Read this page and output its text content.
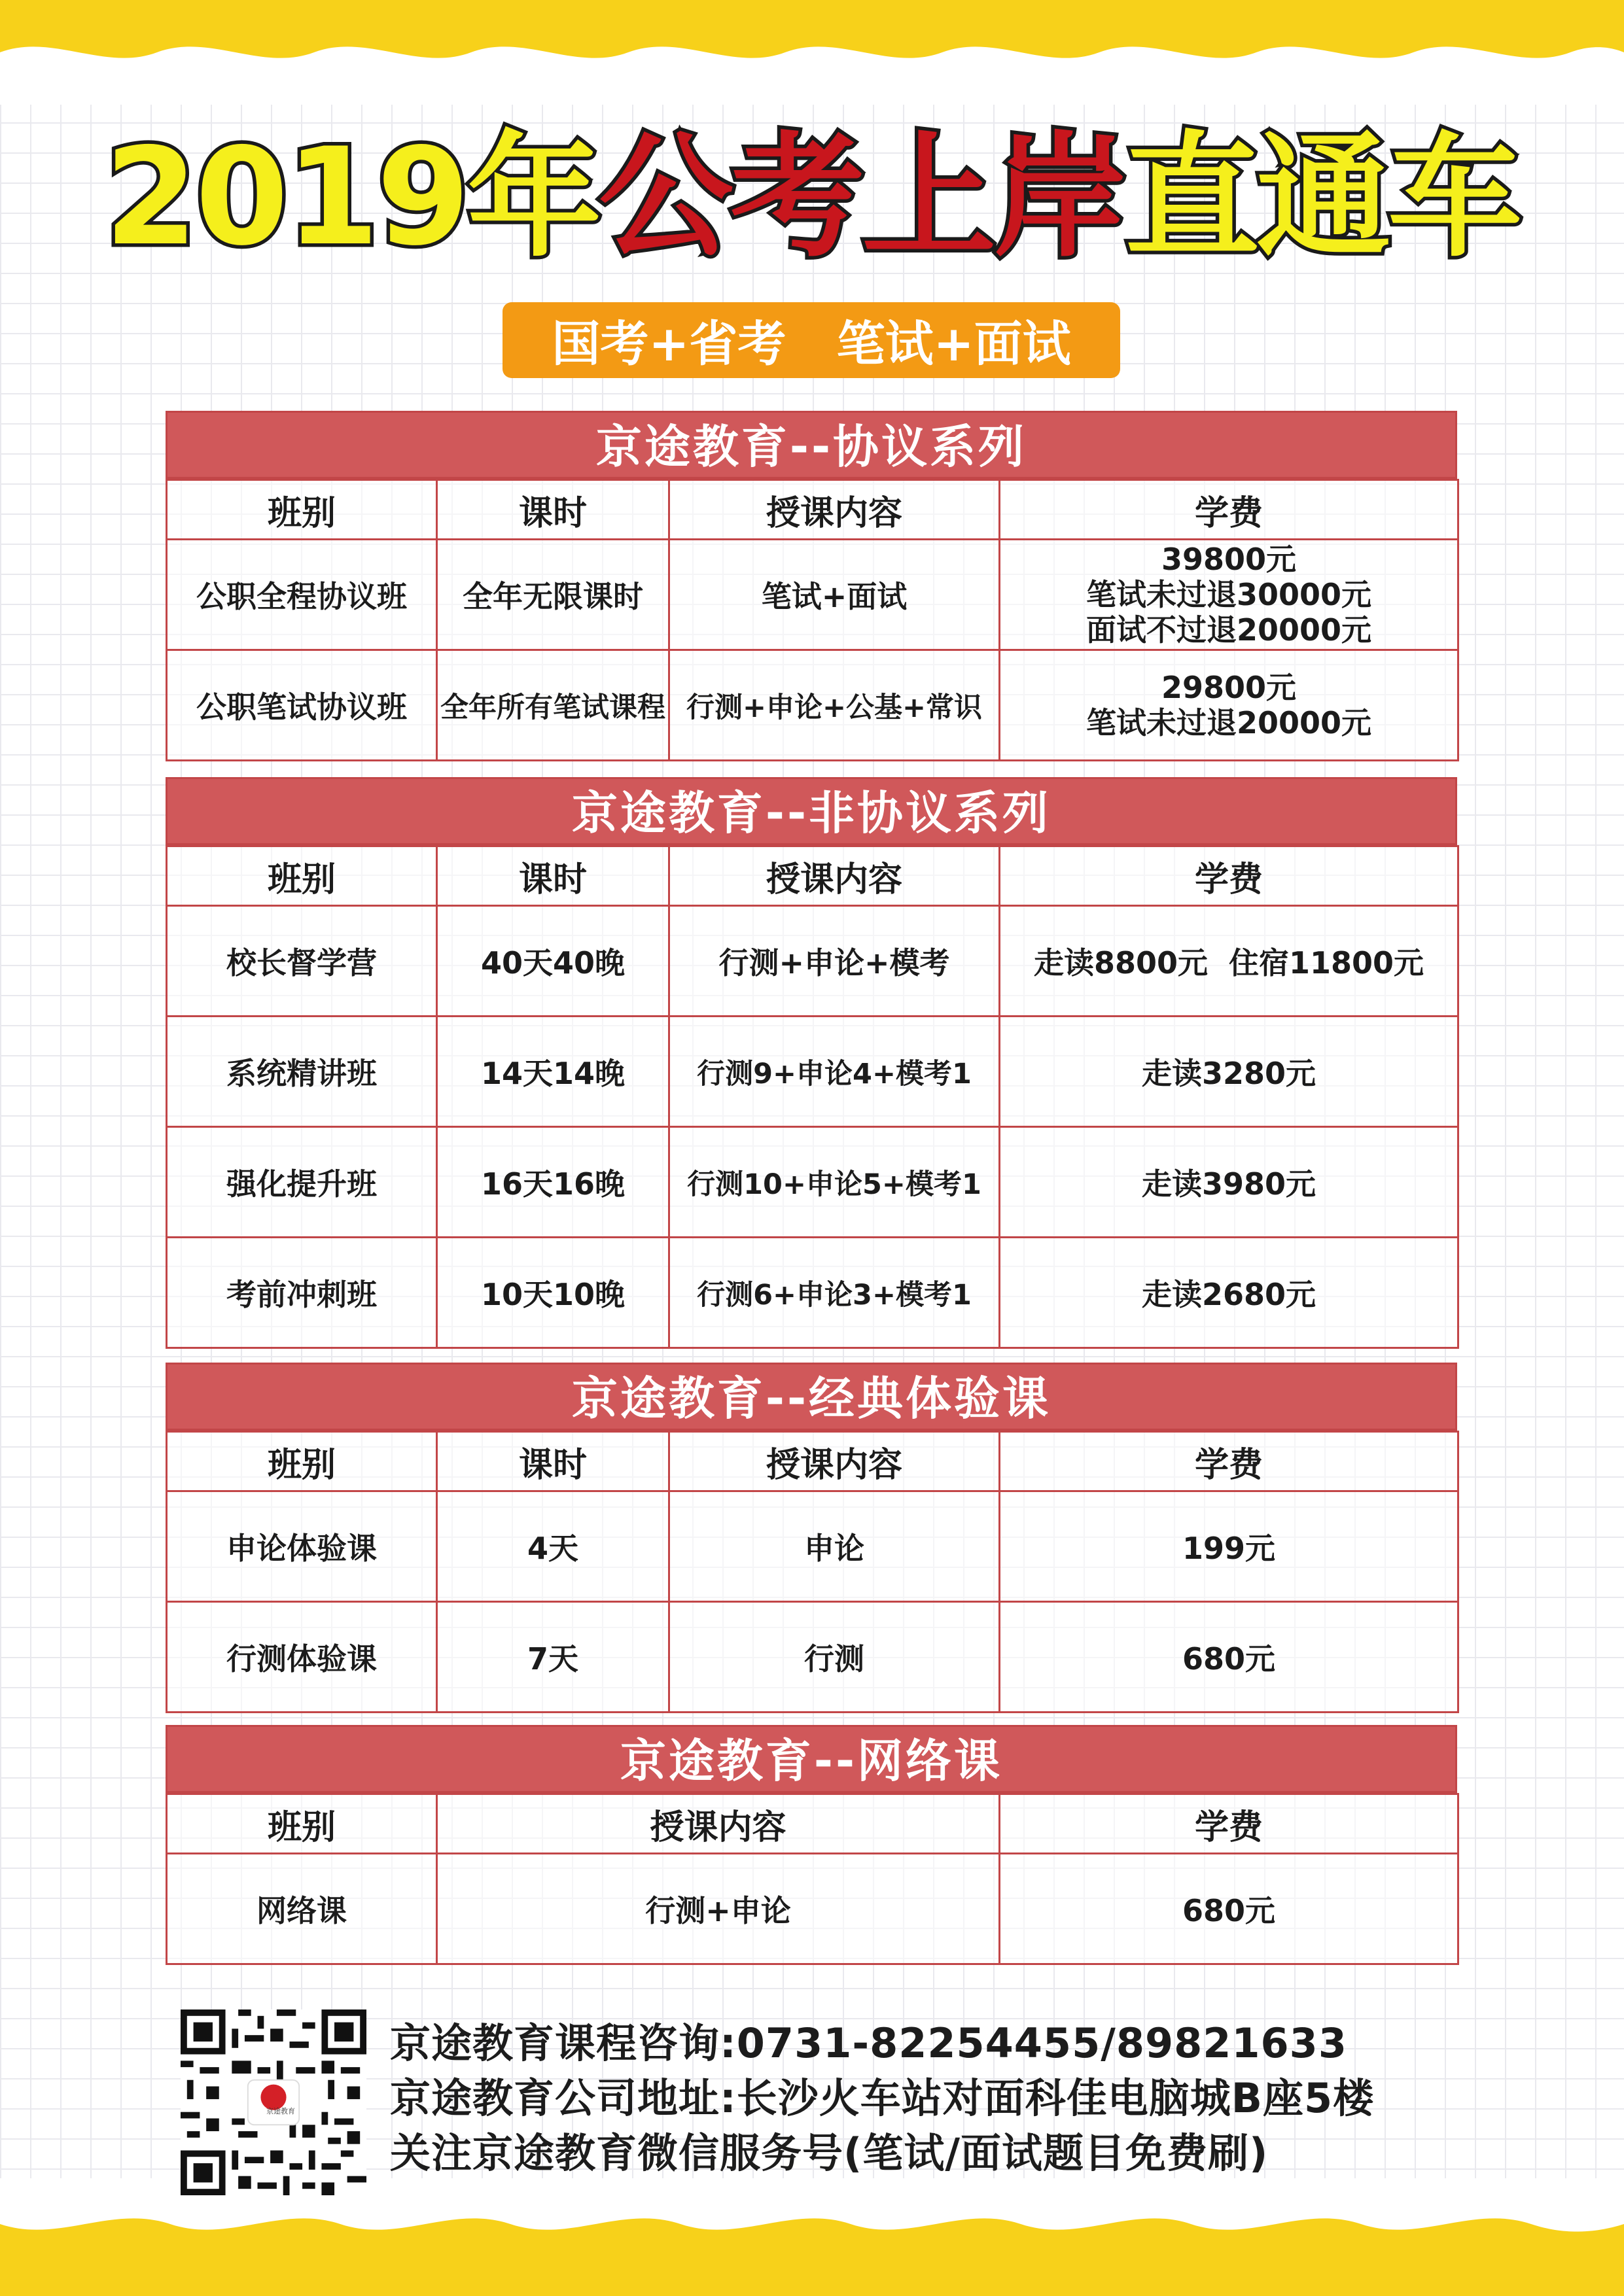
2019年公考上岸直通车
国考+省考   笔试+面试
京途教育--协议系列
班别	课时	授课内容	学费
公职全程协议班	全年无限课时	笔试+面试	39800元
笔试未过退30000元
面试不过退20000元

公职笔试协议班	全年所有笔试课程	行测+申论+公基+常识	29800元
笔试未过退20000元
京途教育--非协议系列
班别	课时	授课内容	学费
校长督学营	40天40晚	行测+申论+模考	走读8800元  住宿11800元
系统精讲班	14天14晚	行测9+申论4+模考1	走读3280元
强化提升班	16天16晚	行测10+申论5+模考1	走读3980元
考前冲刺班	10天10晚	行测6+申论3+模考1	走读2680元
京途教育--经典体验课
班别	课时	授课内容	学费
申论体验课	4天	申论	199元
行测体验课	7天	行测	680元
京途教育--网络课
班别	授课内容	学费
网络课	行测+申论	680元
京途教育
京途教育课程咨询:0731-82254455/89821633
京途教育公司地址:长沙火车站对面科佳电脑城B座5楼
关注京途教育微信服务号(笔试/面试题目免费刷)
